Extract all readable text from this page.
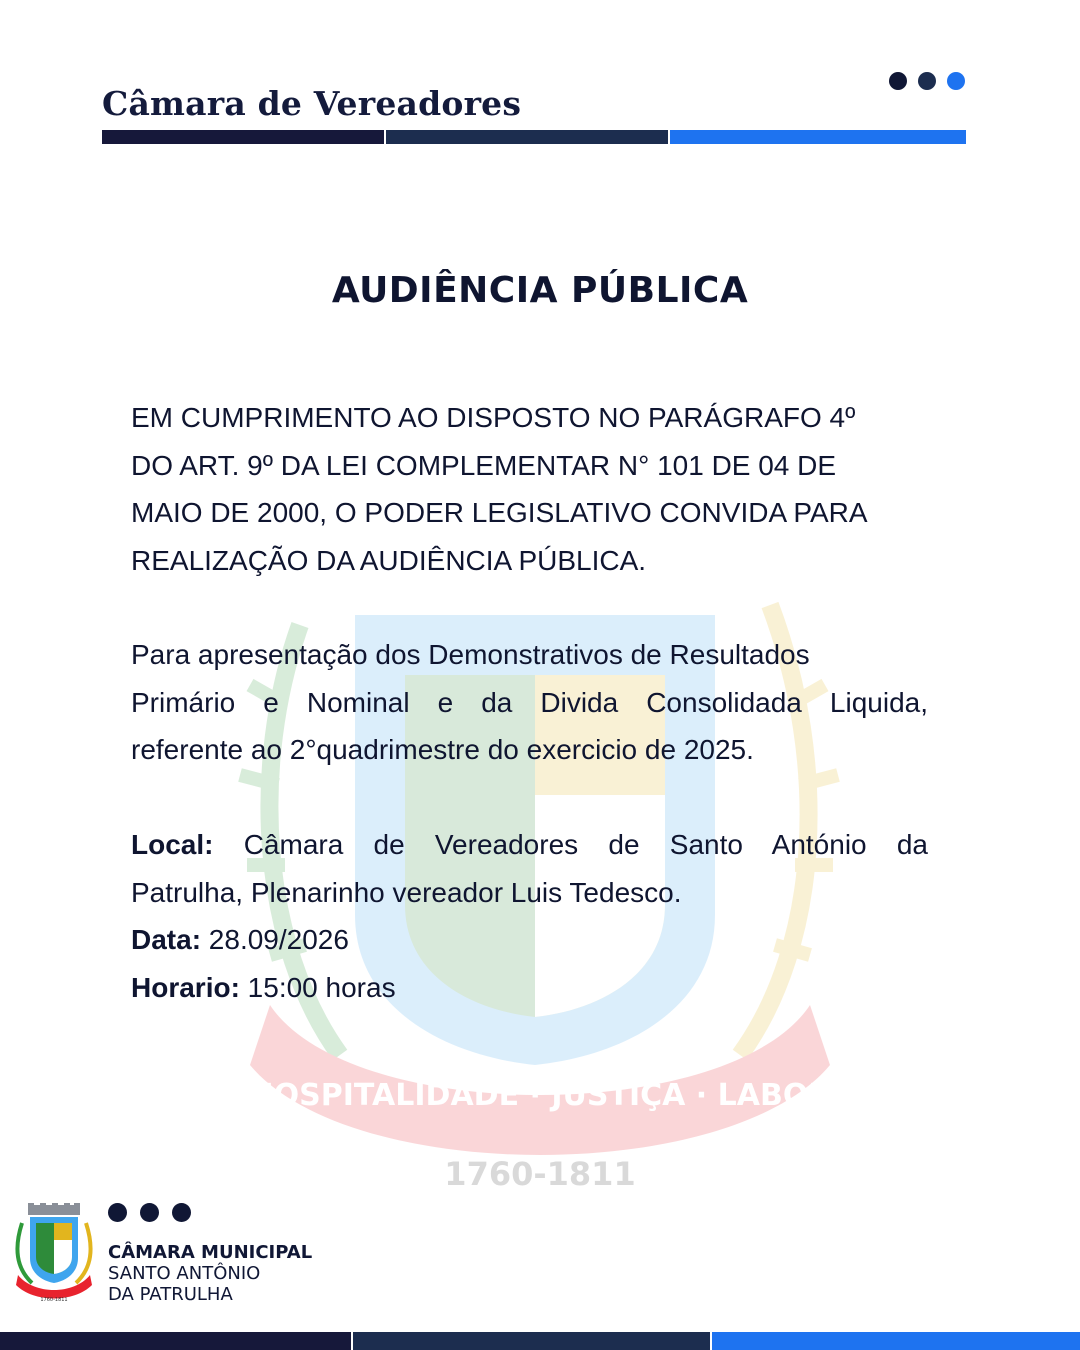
Câmara de Vereadores
HOSPITALIDADE · JUSTIÇA · LABOR
1760-1811
AUDIÊNCIA PÚBLICA
EM CUMPRIMENTO AO DISPOSTO NO PARÁGRAFO 4º
DO ART. 9º DA LEI COMPLEMENTAR N° 101 DE 04 DE
MAIO DE 2000, O PODER LEGISLATIVO CONVIDA PARA
REALIZAÇÃO DA AUDIÊNCIA PÚBLICA.
Para apresentação dos Demonstrativos de Resultados
Primário e Nominal e da Divida Consolidada Liquida,
referente ao 2°quadrimestre do exercicio de 2025.
Local: Câmara de Vereadores de Santo António da
Patrulha, Plenarinho vereador Luis Tedesco.
Data: 28.09/2026
Horario: 15:00 horas
1760-1811
CÂMARA MUNICIPAL
SANTO ANTÔNIO
DA PATRULHA
